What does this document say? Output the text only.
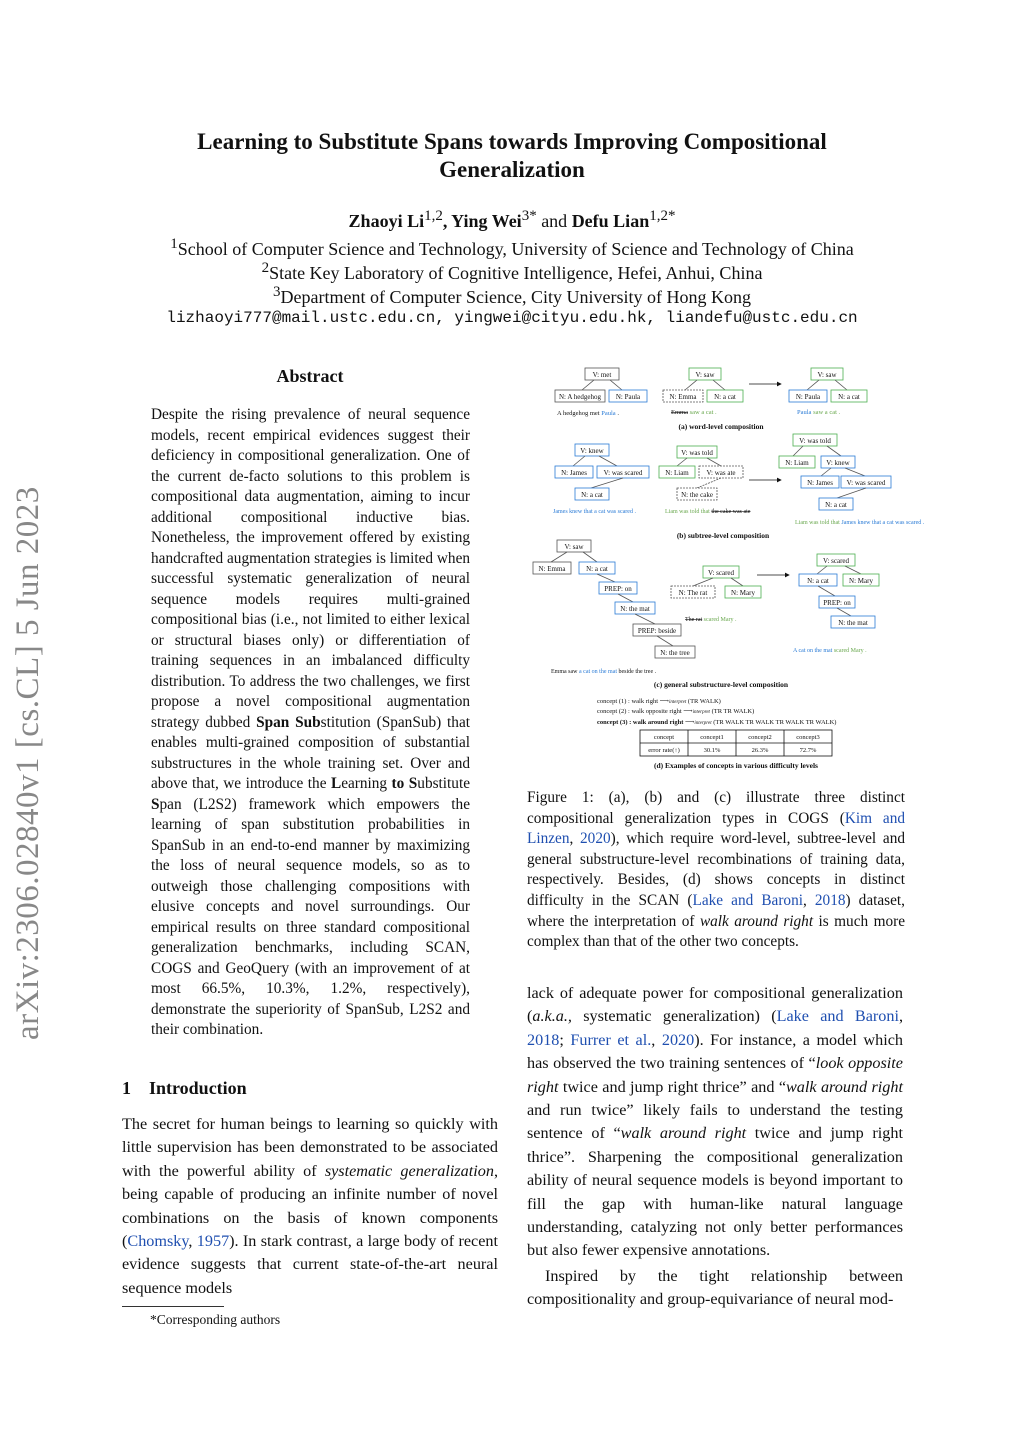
arXiv:2306.02840v1 [cs.CL] 5 Jun 2023
Learning to Substitute Spans towards Improving Compositional Generalization
Zhaoyi Li$^{1,2}$, Ying Wei$^{3*}$ and Defu Lian$^{1,2*}$
$^1$School of Computer Science and Technology, University of Science and Technology of China
$^2$State Key Laboratory of Cognitive Intelligence, Hefei, Anhui, China
$^3$Department of Computer Science, City University of Hong Kong
lizhaoyi777@mail.ustc.edu.cn, yingwei@cityu.edu.hk, liandefu@ustc.edu.cn
Abstract
Despite the rising prevalence of neural sequence models, recent empirical evidences suggest their deficiency in compositional generalization. One of the current de-facto solutions to this problem is compositional data augmentation, aiming to incur additional compositional inductive bias. Nonetheless, the improvement offered by existing handcrafted augmentation strategies is limited when successful systematic generalization of neural sequence models requires multi-grained compositional bias (i.e., not limited to either lexical or structural biases only) or differentiation of training sequences in an imbalanced difficulty distribution. To address the two challenges, we first propose a novel compositional augmentation strategy dubbed Span Substitution (SpanSub) that enables multi-grained composition of substantial substructures in the whole training set. Over and above that, we introduce the Learning to Substitute Span (L2S2) framework which empowers the learning of span substitution probabilities in SpanSub in an end-to-end manner by maximizing the loss of neural sequence models, so as to outweigh those challenging compositions with elusive concepts and novel surroundings. Our empirical results on three standard compositional generalization benchmarks, including SCAN, COGS and GeoQuery (with an improvement of at most 66.5%, 10.3%, 1.2%, respectively), demonstrate the superiority of SpanSub, L2S2 and their combination.
1 Introduction
The secret for human beings to learning so quickly with little supervision has been demonstrated to be associated with the powerful ability of systematic generalization, being capable of producing an infinite number of novel combinations on the basis of known components (Chomsky, 1957). In stark contrast, a large body of recent evidence suggests that current state-of-the-art neural sequence models
*Corresponding authors
V: met
N: A hedgehog N: Paula
A hedgehog met Paula .
V: saw
N: Emma	N: a cat
Emma saw a cat .
V: saw
N: Paula	N: a cat
Paula saw a cat .
(a) word-level composition
V: knew
N: James V: was scared
N: a cat
James knew that a cat was scared .
V: was told
N: Liam	V: was ate
N: the cake
Liam was told that the cake was ate
V: was told
N: Liam	V: knew
N: James V: was scared
N: a cat
Liam was told that James knew that a cat was scared .
(b) subtree-level composition
V: saw
N: Emma	N: a cat
PREP: on
N: the mat
PREP: beside
N: the tree
Emma saw a cat on the mat beside the tree .
V: scared
N: The rat	N: Mary
The rat scared Mary .
V: scared
N: a cat	N: Mary
PREP: on
N: the mat
A cat on the mat scared Mary .
(c) general substructure-level composition
concept (1) : walk right ⟶interpret (TR WALK)
concept (2) : walk opposite right ⟶interpret (TR TR WALK)
concept (3) : walk around right ⟶interpret (TR WALK TR WALK TR WALK TR WALK)
concept	concept1	concept2	concept3
error rate(↑)	30.1%	26.3%	72.7%
(d) Examples of concepts in various difficulty levels
Figure 1: (a), (b) and (c) illustrate three distinct compositional generalization types in COGS (Kim and Linzen, 2020), which require word-level, subtree-level and general substructure-level recombinations of training data, respectively. Besides, (d) shows concepts in distinct difficulty in the SCAN (Lake and Baroni, 2018) dataset, where the interpretation of walk around right is much more complex than that of the other two concepts.

lack of adequate power for compositional generalization (a.k.a., systematic generalization) (Lake and Baroni, 2018; Furrer et al., 2020). For instance, a model which has observed the two training sentences of “look opposite right twice and jump right thrice” and “walk around right and run twice” likely fails to understand the testing sentence of “walk around right twice and jump right thrice”. Sharpening the compositional generalization ability of neural sequence models is beyond important to fill the gap with human-like natural language understanding, catalyzing not only better performances but also fewer expensive annotations.

Inspired by the tight relationship between compositionality and group-equivariance of neural mod-
